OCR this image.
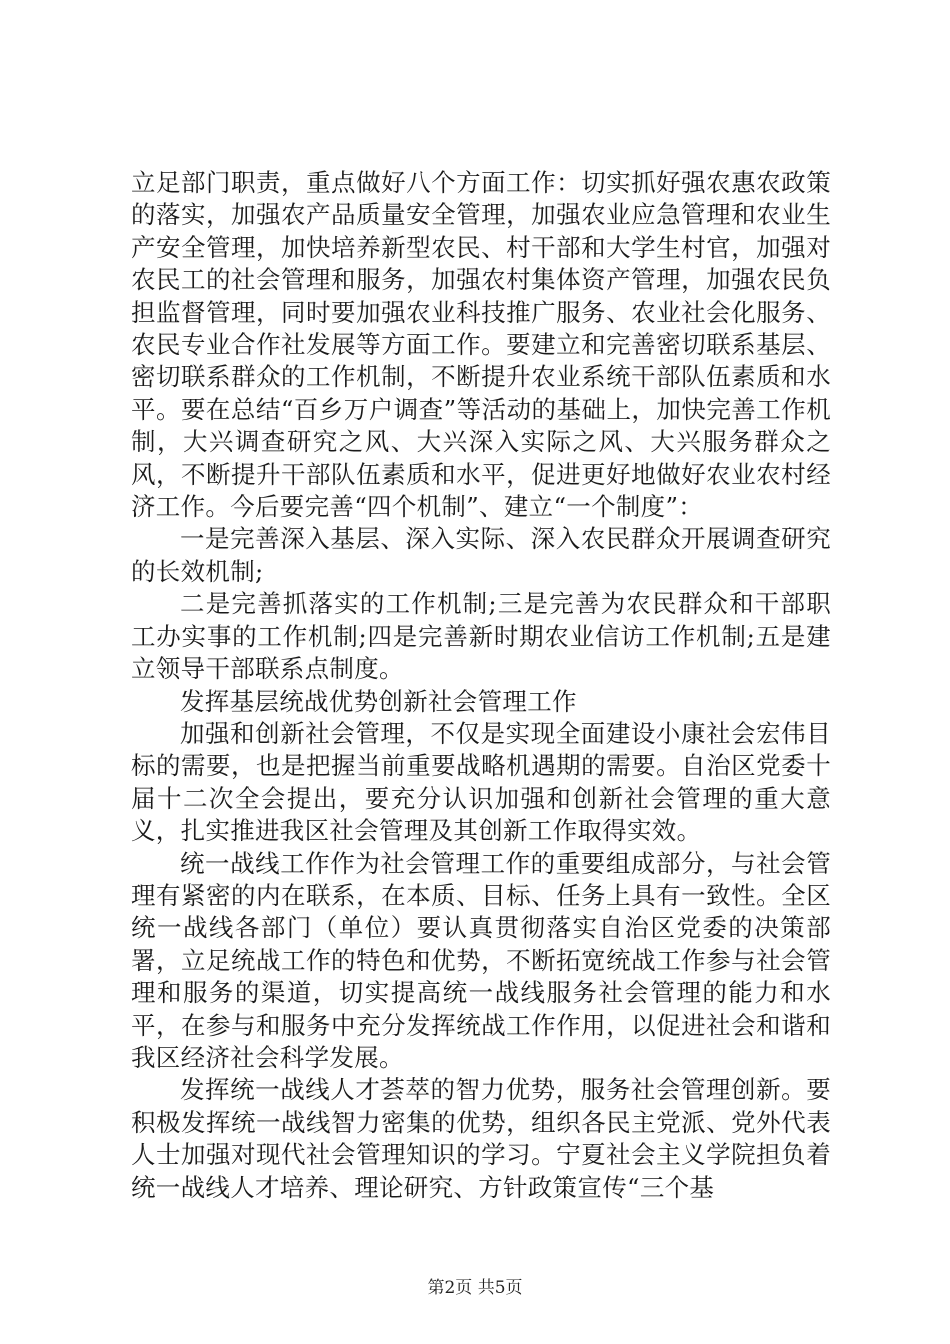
立足部门职责，重点做好八个方面工作：切实抓好强农惠农政策的落实，加强农产品质量安全管理，加强农业应急管理和农业生产安全管理，加快培养新型农民、村干部和大学生村官，加强对农民工的社会管理和服务，加强农村集体资产管理，加强农民负担监督管理，同时要加强农业科技推广服务、农业社会化服务、农民专业合作社发展等方面工作。要建立和完善密切联系基层、密切联系群众的工作机制，不断提升农业系统干部队伍素质和水平。要在总结“百乡万户调查”等活动的基础上，加快完善工作机制，大兴调查研究之风、大兴深入实际之风、大兴服务群众之风，不断提升干部队伍素质和水平，促进更好地做好农业农村经济工作。今后要完善“四个机制”、建立“一个制度”：

一是完善深入基层、深入实际、深入农民群众开展调查研究的长效机制;

二是完善抓落实的工作机制;三是完善为农民群众和干部职工办实事的工作机制;四是完善新时期农业信访工作机制;五是建立领导干部联系点制度。

发挥基层统战优势创新社会管理工作

加强和创新社会管理，不仅是实现全面建设小康社会宏伟目标的需要，也是把握当前重要战略机遇期的需要。自治区党委十届十二次全会提出，要充分认识加强和创新社会管理的重大意义，扎实推进我区社会管理及其创新工作取得实效。

统一战线工作作为社会管理工作的重要组成部分，与社会管理有紧密的内在联系，在本质、目标、任务上具有一致性。全区统一战线各部门（单位）要认真贯彻落实自治区党委的决策部署，立足统战工作的特色和优势，不断拓宽统战工作参与社会管理和服务的渠道，切实提高统一战线服务社会管理的能力和水平，在参与和服务中充分发挥统战工作作用，以促进社会和谐和我区经济社会科学发展。

发挥统一战线人才荟萃的智力优势，服务社会管理创新。要积极发挥统一战线智力密集的优势，组织各民主党派、党外代表人士加强对现代社会管理知识的学习。宁夏社会主义学院担负着统一战线人才培养、理论研究、方针政策宣传“三个基

第2页 共5页
